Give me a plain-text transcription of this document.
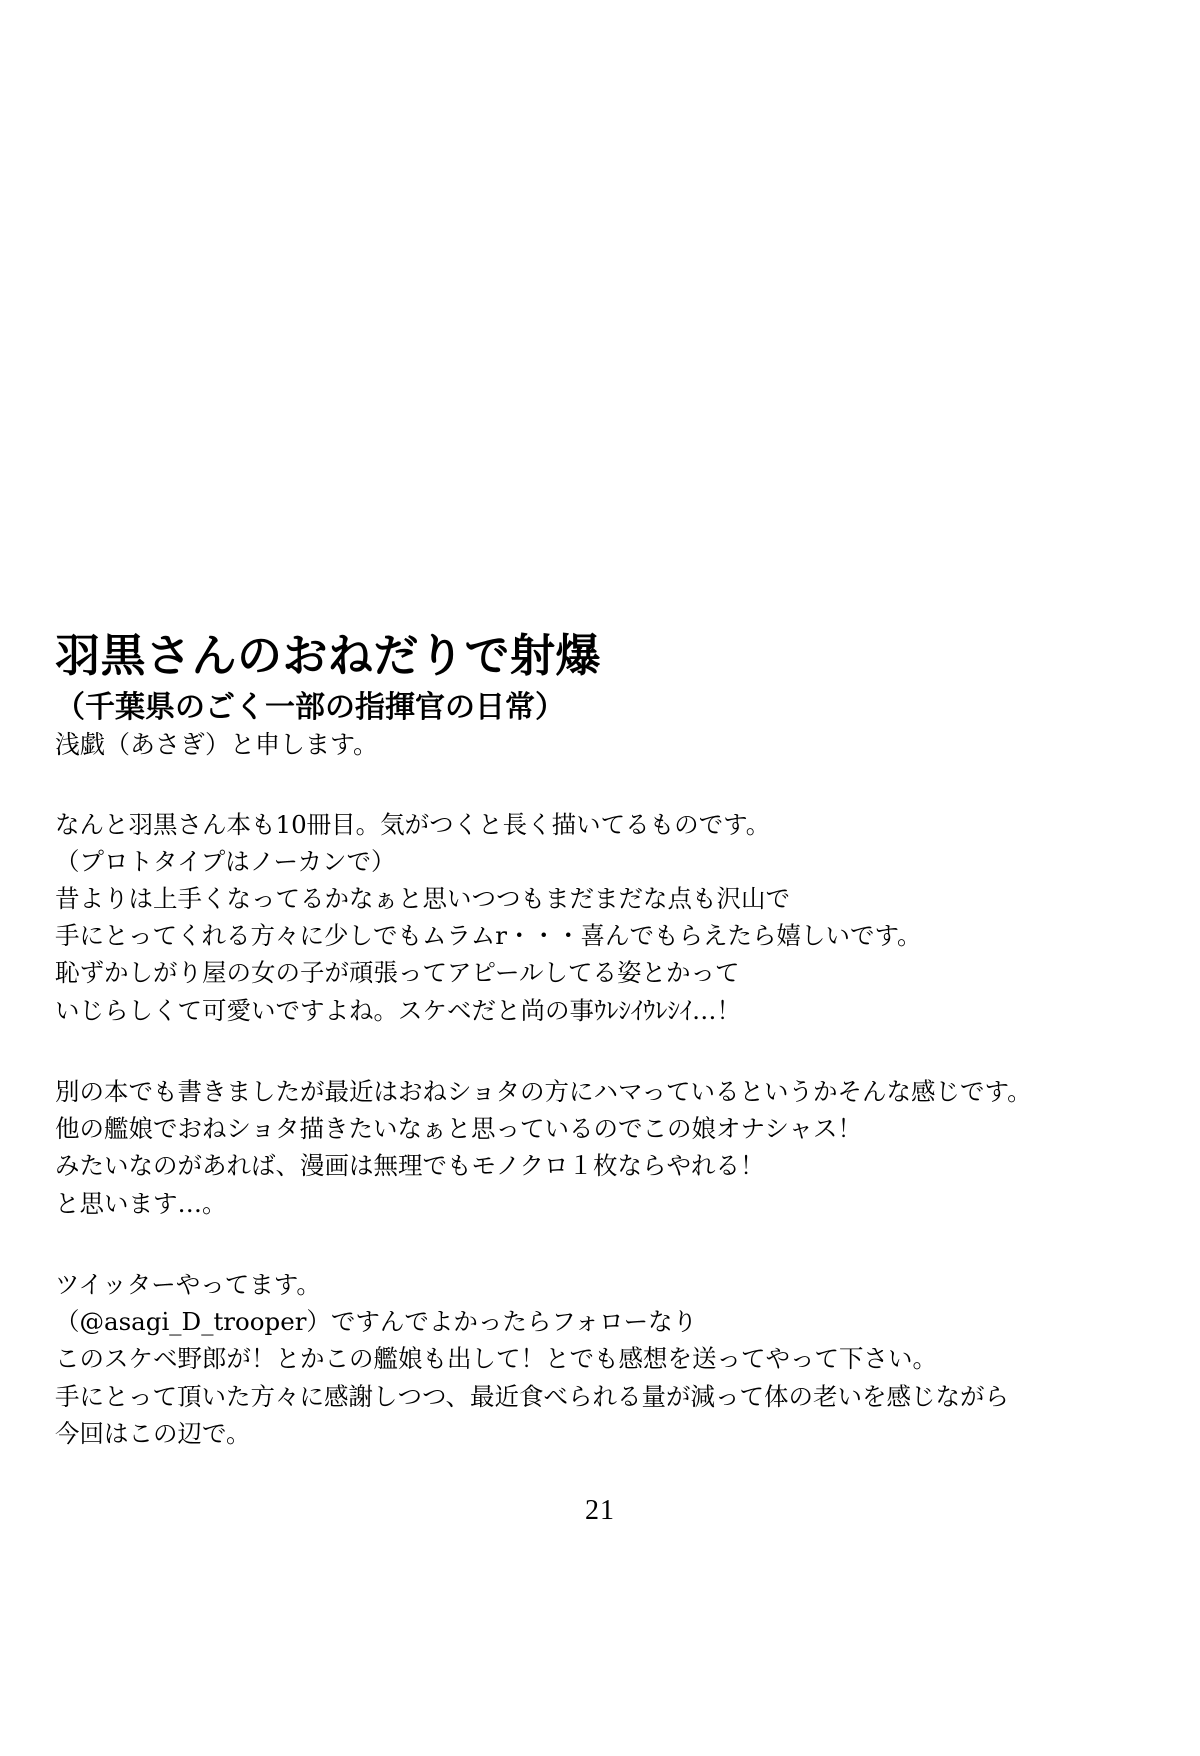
羽黒さんのおねだりで射爆
（千葉県のごく一部の指揮官の日常）
浅戯（あさぎ）と申します。

なんと羽黒さん本も10冊目。気がつくと長く描いてるものです。

（プロトタイプはノーカンで）

昔よりは上手くなってるかなぁと思いつつもまだまだな点も沢山で

手にとってくれる方々に少しでもムラムr・・・喜んでもらえたら嬉しいです。

恥ずかしがり屋の女の子が頑張ってアピールしてる姿とかって

いじらしくて可愛いですよね。スケベだと尚の事ｳﾚｼｲｳﾚｼｲ…！

別の本でも書きましたが最近はおねショタの方にハマっているというかそんな感じです。

他の艦娘でおねショタ描きたいなぁと思っているのでこの娘オナシャス！

みたいなのがあれば、漫画は無理でもモノクロ１枚ならやれる！

と思います…。

ツイッターやってます。

（@asagi_D_trooper）ですんでよかったらフォローなり

このスケベ野郎が！とかこの艦娘も出して！とでも感想を送ってやって下さい。

手にとって頂いた方々に感謝しつつ、最近食べられる量が減って体の老いを感じながら

今回はこの辺で。

21
